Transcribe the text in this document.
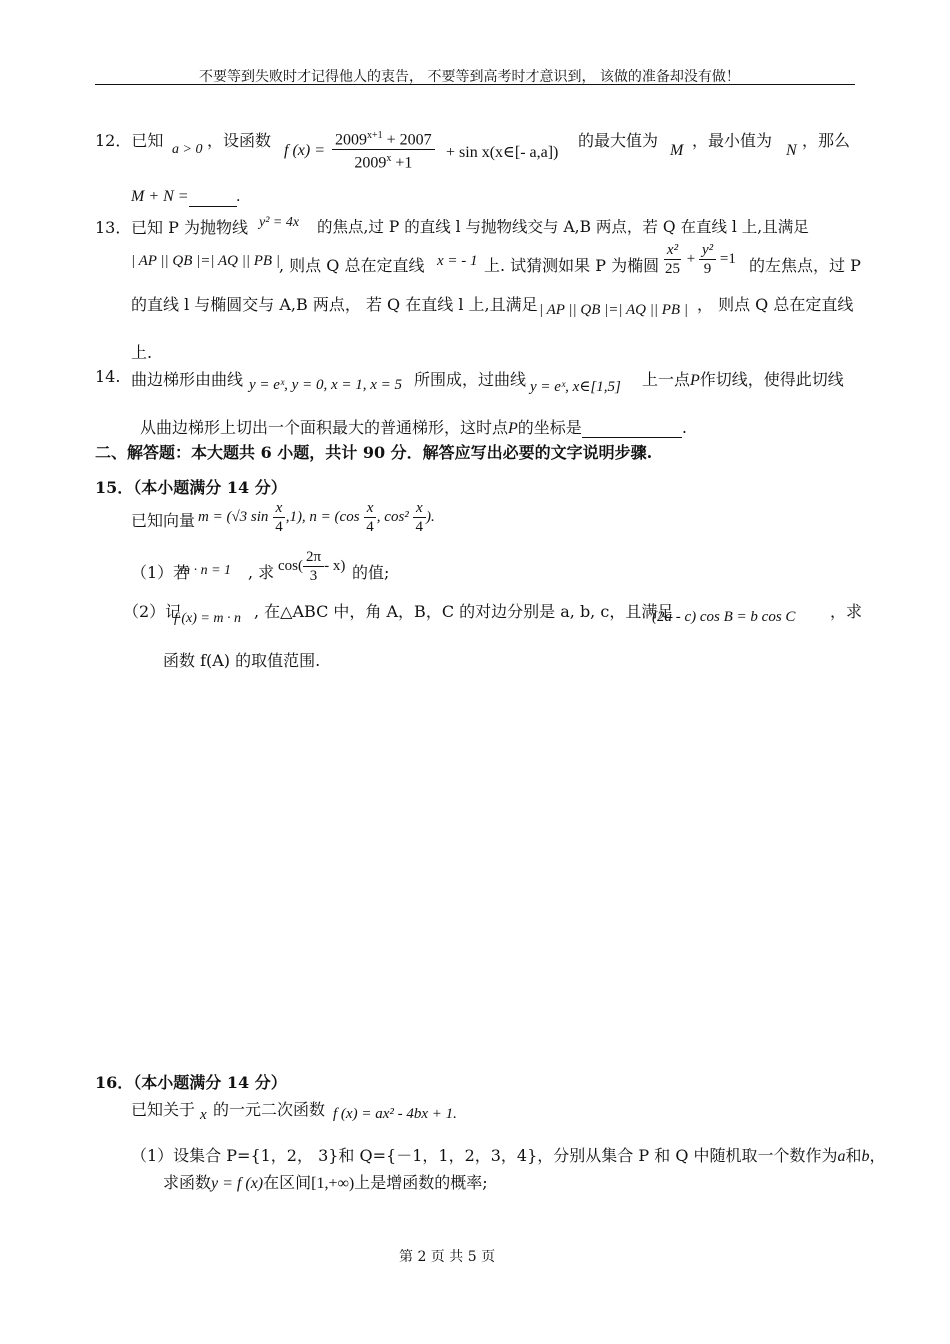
不要等到失败时才记得他人的衷告， 不要等到高考时才意识到， 该做的准备却没有做！
12．已知 a > 0 ，设函数
f $(x) = \frac{2009^{x+1} + 2007}{2009^x +1} + \sin$ x(x∈[- a,a])
的最大值为
M
，最小值为
N
，那么
M + N =	.
13． 已知 P 为抛物线 y² = 4x 的焦点,过 P 的直线 l 与抛物线交与 A,B 两点，若 Q 在直线 l 上,且满足
| AP || QB |=| AQ || PB | , 则点 Q 总在定直线 x = - 1 上. 试猜测如果 P 为椭圆 $\frac{\text{x²}}{25} + \frac{\text{y²}}{9} =1$ 的左焦点，过 P
的直线 l 与椭圆交与 A,B 两点， 若 Q 在直线 l 上,且满足 | AP || QB |=| AQ || PB | ， 则点 Q 总在定直线
上.
14. 曲边梯形由曲线 y = eˣ, y = 0, x = 1, x = 5 所围成，过曲线 y = eˣ, x∈[1,5] 上一点P作切线，使得此切线
从曲边梯形上切出一个面积最大的普通梯形，这时点P的坐标是	.
二、解答题：本大题共 6 小题，共计 90 分．解答应写出必要的文字说明步骤.
15．（本小题满分 14 分）
已知向量 m = (√3 $\sin \frac{x}{4} ,1$), $n = (\cos \frac{x}{4}$ , $\cos^2 \frac{x}{4}$ ).
（1）若
m · n = 1 , 求 $\cos( \frac{2\pi}{3} - x)$ 的值;
（2）记
f (x) = m · n , 在△ABC 中，角 A，B，C 的对边分别是 a, b, c，且满足
(2a - c) cos B = b cos C ，求
函数 f(A) 的取值范围.
16．（本小题满分 14 分）
已知关于 x 的一元二次函数 f (x) = ax² - 4bx + 1.
（1）设集合 P={1，2， 3}和 Q={－1，1，2，3，4}，分别从集合 P 和 Q 中随机取一个数作为a和b，
求函数y = f (x)在区间[1,+∞)上是增函数的概率;
第 2 页 共 5 页
